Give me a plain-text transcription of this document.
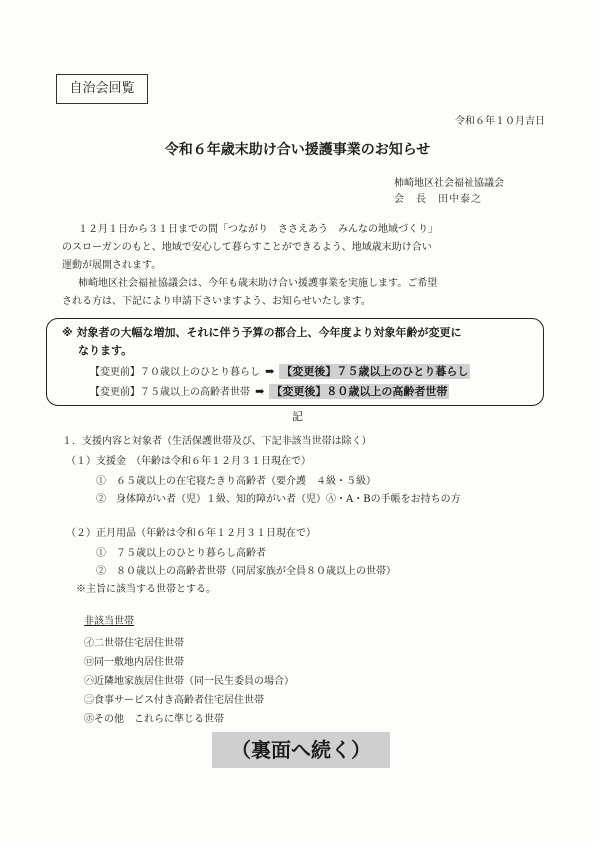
自治会回覧
令和６年１０月吉日
令和６年歳末助け合い援護事業のお知らせ
柿崎地区社会福祉協議会
会　長　田中泰之
１２月１日から３１日までの間「つながり　ささえあう　みんなの地域づくり」
のスローガンのもと、地域で安心して暮らすことができるよう、地域歳末助け合い
運動が展開されます。
柿崎地区社会福祉協議会は、今年も歳末助け合い援護事業を実施します。ご希望
される方は、下記により申請下さいますよう、お知らせいたします。
※ 対象者の大幅な増加、それに伴う予算の都合上、今年度より対象年齢が変更に
なります。
【変更前】７０歳以上のひとり暮らし ➡ 【変更後】７５歳以上のひとり暮らし
【変更前】７５歳以上の高齢者世帯 ➡ 【変更後】８０歳以上の高齢者世帯
記
１．支援内容と対象者（生活保護世帯及び、下記非該当世帯は除く）
（１）支援金　（年齢は令和６年１２月３１日現在で）
①　６５歳以上の在宅寝たきり高齢者（要介護　４級・５級）
②　身体障がい者（児）１級、知的障がい者（児）Ⓐ・A・Bの手帳をお持ちの方
（２）正月用品（年齢は令和６年１２月３１日現在で）
①　７５歳以上のひとり暮らし高齢者
②　８０歳以上の高齢者世帯（同居家族が全員８０歳以上の世帯）
※主旨に該当する世帯とする。
非該当世帯
㋑二世帯住宅居住世帯
㋺同一敷地内居住世帯
㋩近隣地家族居住世帯（同一民生委員の場合）
㊁食事サービス付き高齢者住宅居住世帯
㋭その他　これらに準じる世帯
（裏面へ続く）
